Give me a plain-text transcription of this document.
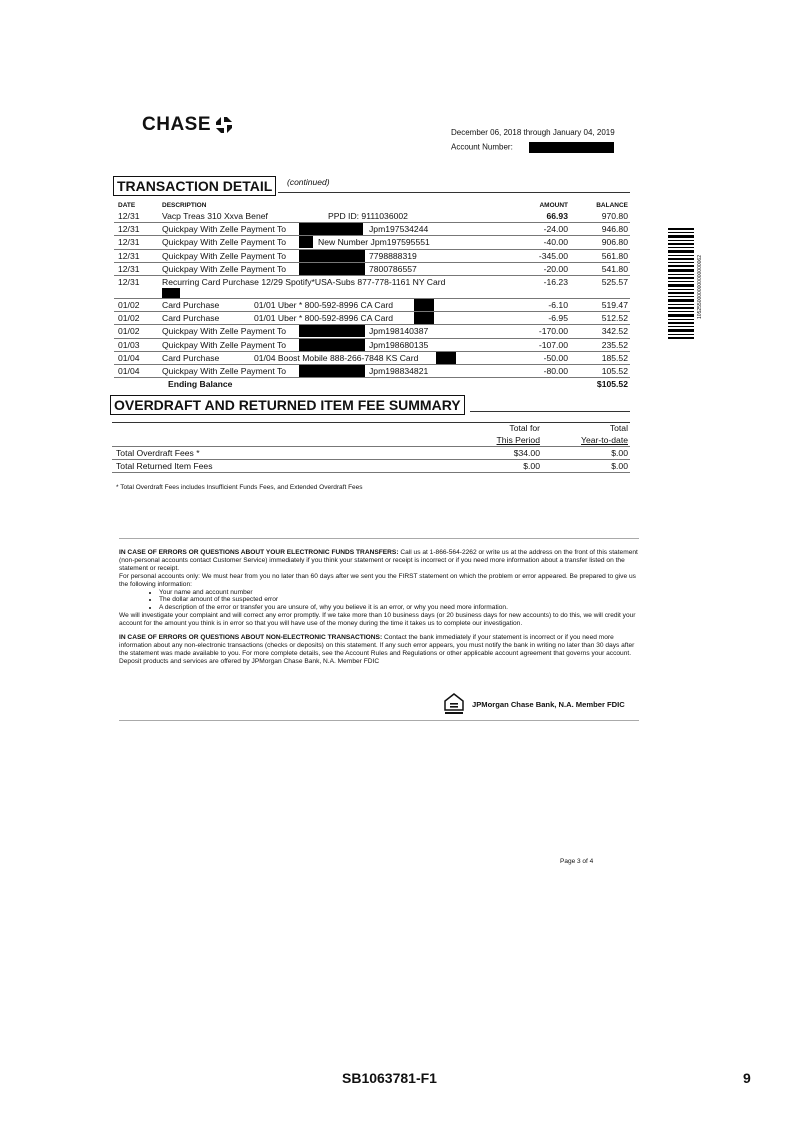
CHASE	December 06, 2018 through January 04, 2019
Account Number:
10525500000000000000062
TRANSACTION DETAIL	(continued)
DATE	DESCRIPTION	AMOUNT	BALANCE
12/31	Vacp Treas 310 Xxva Benef PPD ID: 9111036002	66.93	970.80
12/31	Quickpay With Zelle Payment To Jpm197534244	-24.00	946.80
12/31	Quickpay With Zelle Payment To New Number Jpm197595551	-40.00	906.80
12/31	Quickpay With Zelle Payment To 7798888319	-345.00	561.80
12/31	Quickpay With Zelle Payment To 7800786557	-20.00	541.80
12/31	Recurring Card Purchase 12/29 Spotify*USA-Subs 877-778-1161 NY Card	-16.23	525.57
01/02	Card Purchase 01/01 Uber * 800-592-8996 CA Card	-6.10	519.47
01/02	Card Purchase 01/01 Uber * 800-592-8996 CA Card	-6.95	512.52
01/02	Quickpay With Zelle Payment To Jpm198140387	-170.00	342.52
01/03	Quickpay With Zelle Payment To Jpm198680135	-107.00	235.52
01/04	Card Purchase 01/04 Boost Mobile 888-266-7848 KS Card	-50.00	185.52
01/04	Quickpay With Zelle Payment To Jpm198834821	-80.00	105.52
	Ending Balance		$105.52
OVERDRAFT AND RETURNED ITEM FEE SUMMARY
	Total for	Total
	This Period	Year-to-date
Total Overdraft Fees *	$34.00	$.00
Total Returned Item Fees	$.00	$.00
* Total Overdraft Fees includes Insufficient Funds Fees, and Extended Overdraft Fees

IN CASE OF ERRORS OR QUESTIONS ABOUT YOUR ELECTRONIC FUNDS TRANSFERS: Call us at 1-866-564-2262 or write us at the address on the front of this statement (non-personal accounts contact Customer Service) immediately if you think your statement or receipt is incorrect or if you need more information about a transfer listed on the statement or receipt.

For personal accounts only: We must hear from you no later than 60 days after we sent you the FIRST statement on which the problem or error appeared. Be prepared to give us the following information:

• Your name and account number
• The dollar amount of the suspected error
• A description of the error or transfer you are unsure of, why you believe it is an error, or why you need more information.

We will investigate your complaint and will correct any error promptly. If we take more than 10 business days (or 20 business days for new accounts) to do this, we will credit your account for the amount you think is in error so that you will have use of the money during the time it takes us to complete our investigation.

IN CASE OF ERRORS OR QUESTIONS ABOUT NON-ELECTRONIC TRANSACTIONS: Contact the bank immediately if your statement is incorrect or if you need more information about any non-electronic transactions (checks or deposits) on this statement. If any such error appears, you must notify the bank in writing no later than 30 days after the statement was made available to you. For more complete details, see the Account Rules and Regulations or other applicable account agreement that governs your account. Deposit products and services are offered by JPMorgan Chase Bank, N.A. Member FDIC

JPMorgan Chase Bank, N.A. Member FDIC
Page 3 of 4
SB1063781-F1	9
